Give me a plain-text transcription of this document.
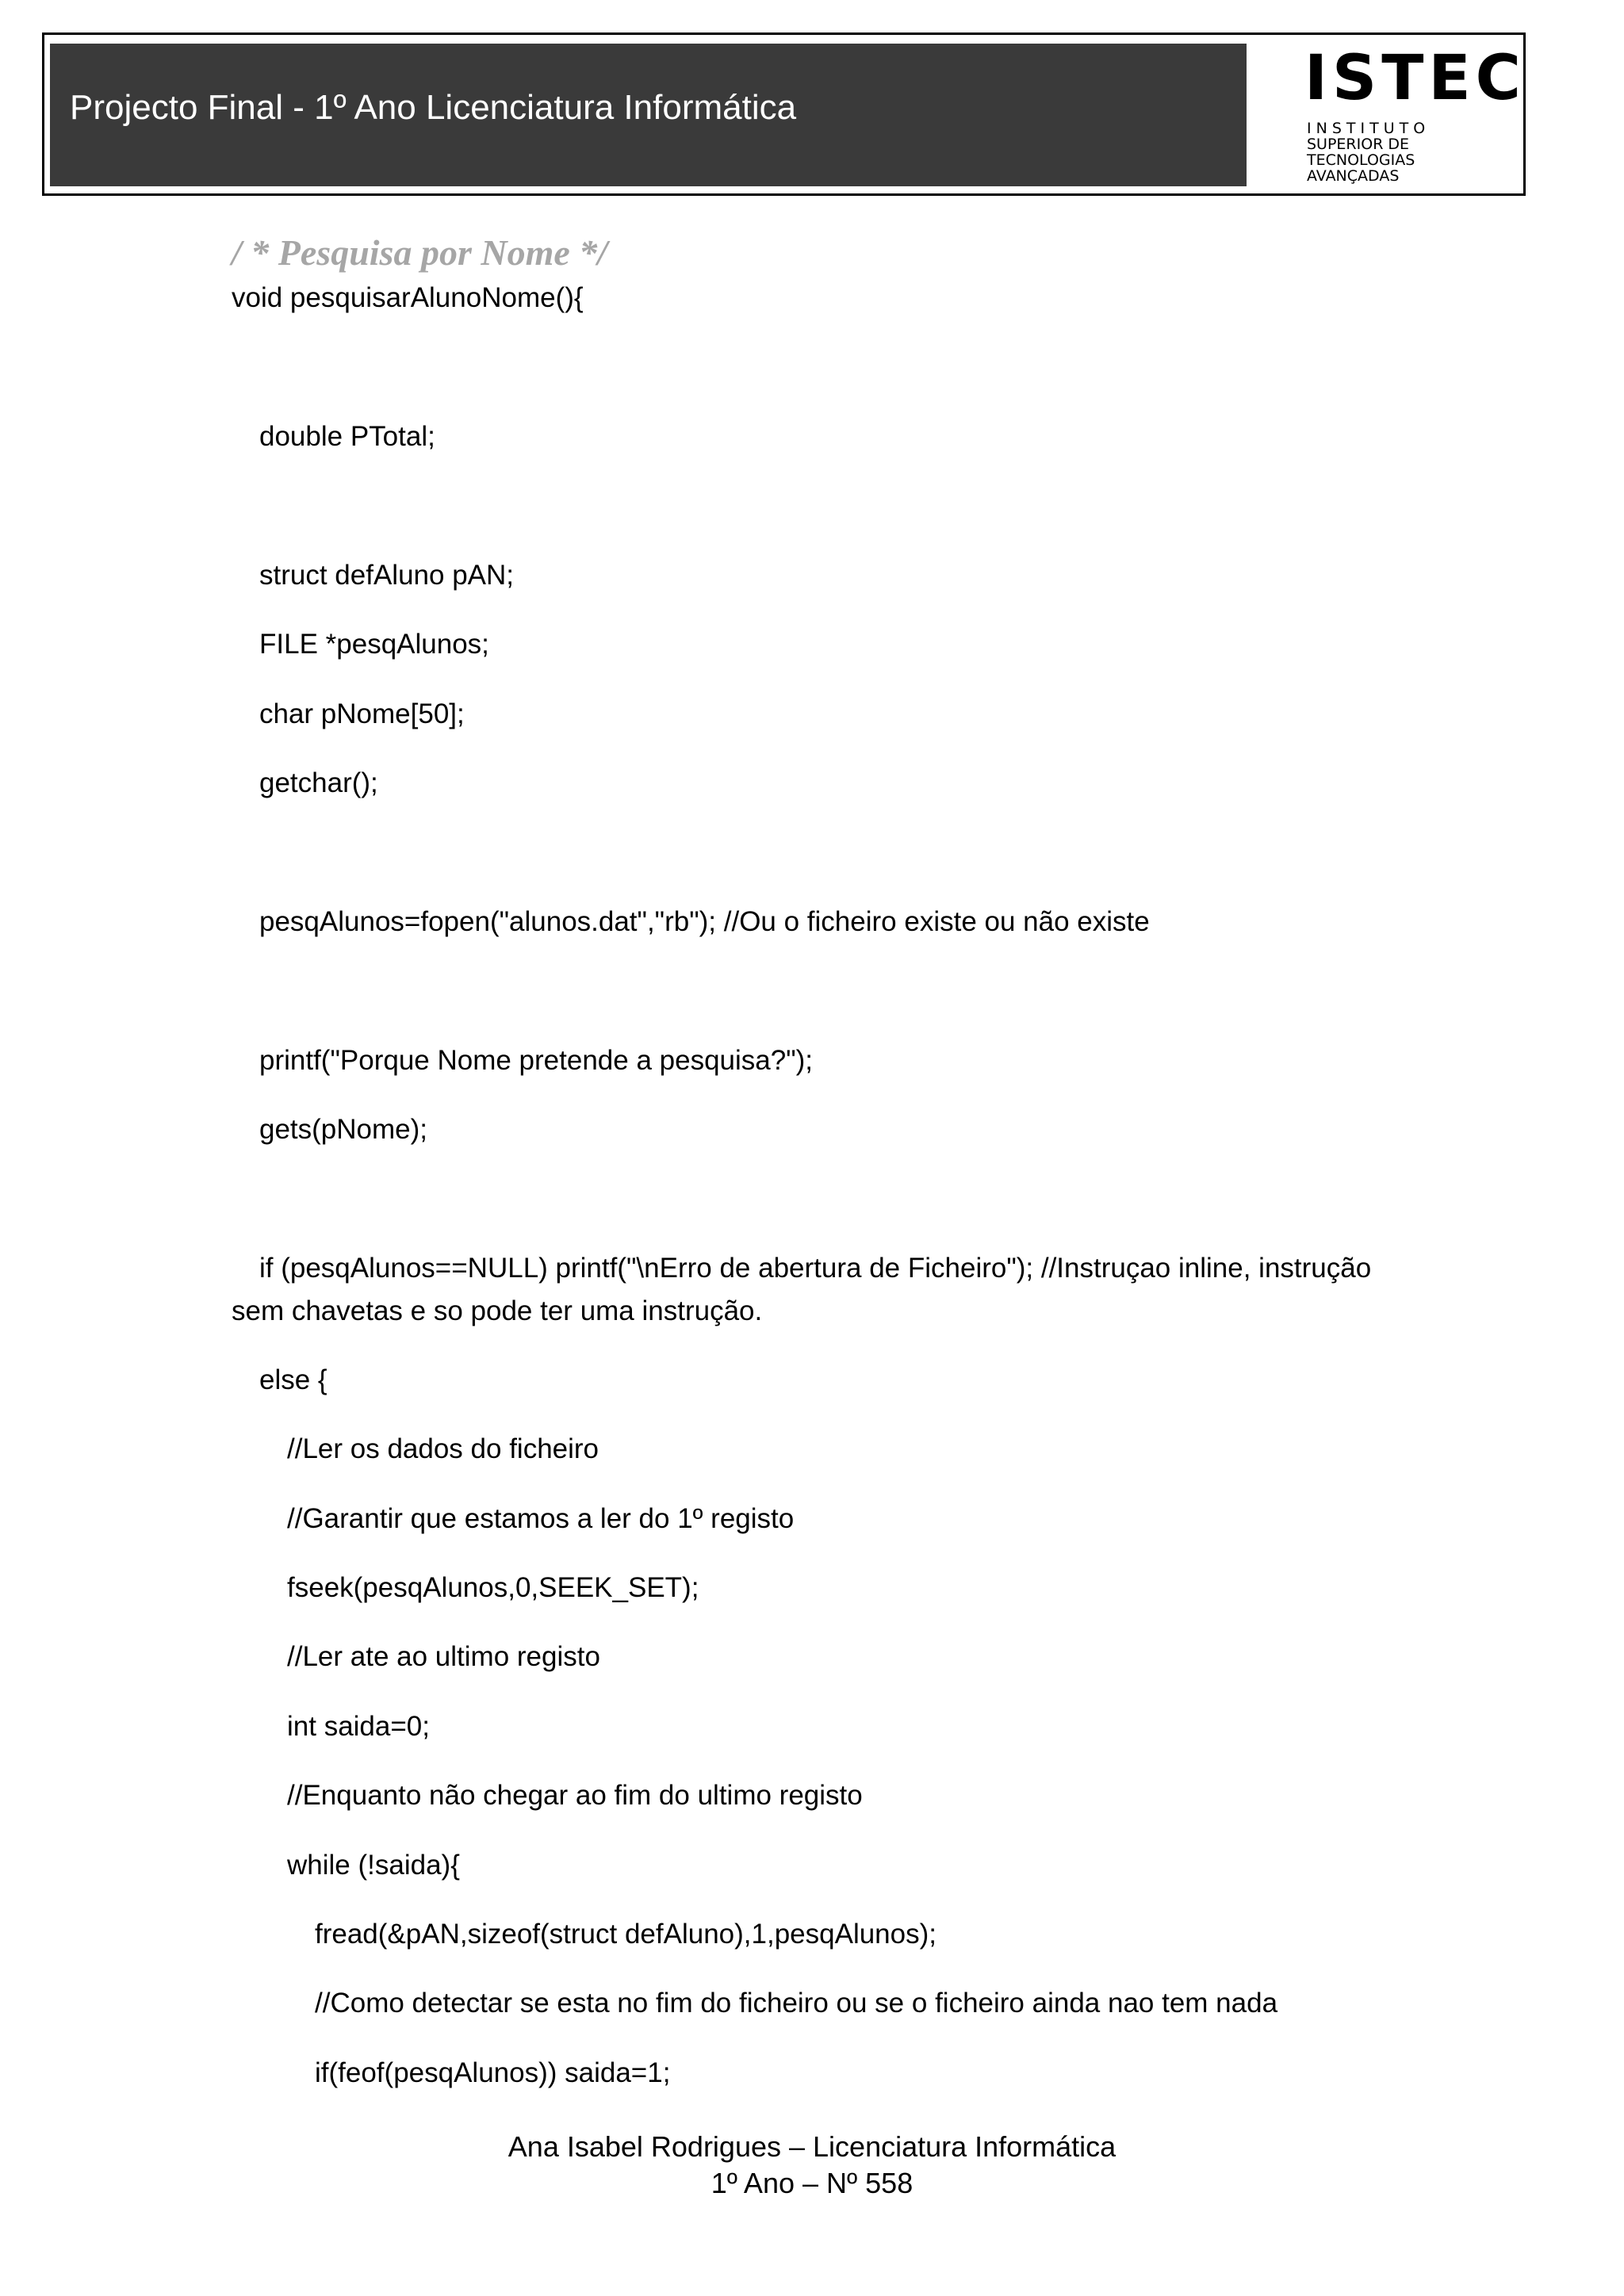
Projecto Final - 1º Ano Licenciatura Informática	ISTEC
INSTITUTO
SUPERIOR DE
TECNOLOGIAS
AVANÇADAS
/ * Pesquisa por Nome */
void pesquisarAlunoNome(){
double PTotal;
struct defAluno pAN;
FILE *pesqAlunos;
char pNome[50];
getchar();
pesqAlunos=fopen("alunos.dat","rb"); //Ou o ficheiro existe ou não existe
printf("Porque Nome pretende a pesquisa?");
gets(pNome);
if (pesqAlunos==NULL) printf("\nErro de abertura de Ficheiro"); //Instruçao inline, instrução
sem chavetas e so pode ter uma instrução.
else {
//Ler os dados do ficheiro
//Garantir que estamos a ler do 1º registo
fseek(pesqAlunos,0,SEEK_SET);
//Ler ate ao ultimo registo
int saida=0;
//Enquanto não chegar ao fim do ultimo registo
while (!saida){
fread(&pAN,sizeof(struct defAluno),1,pesqAlunos);
//Como detectar se esta no fim do ficheiro ou se o ficheiro ainda nao tem nada
if(feof(pesqAlunos)) saida=1;
Ana Isabel Rodrigues – Licenciatura Informática
1º Ano – Nº 558
